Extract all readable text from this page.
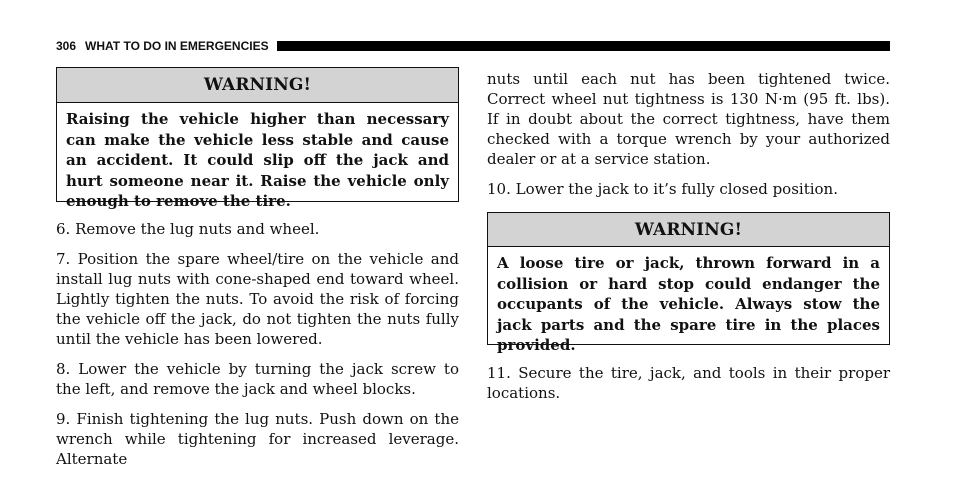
306 WHAT TO DO IN EMERGENCIES
WARNING!
Raising the vehicle higher than necessary can make the vehicle less stable and cause an accident. It could slip off the jack and hurt someone near it. Raise the vehicle only enough to remove the tire.

6. Remove the lug nuts and wheel.

7. Position the spare wheel/tire on the vehicle and install lug nuts with cone-shaped end toward wheel. Lightly tighten the nuts. To avoid the risk of forcing the vehicle off the jack, do not tighten the nuts fully until the vehicle has been lowered.

8. Lower the vehicle by turning the jack screw to the left, and remove the jack and wheel blocks.

9. Finish tightening the lug nuts. Push down on the wrench while tightening for increased leverage. Alternate

nuts until each nut has been tightened twice. Correct wheel nut tightness is 130 N·m (95 ft. lbs). If in doubt about the correct tightness, have them checked with a torque wrench by your authorized dealer or at a service station.

10. Lower the jack to it’s fully closed position.

WARNING!
A loose tire or jack, thrown forward in a collision or hard stop could endanger the occupants of the vehicle. Always stow the jack parts and the spare tire in the places provided.

11. Secure the tire, jack, and tools in their proper locations.
